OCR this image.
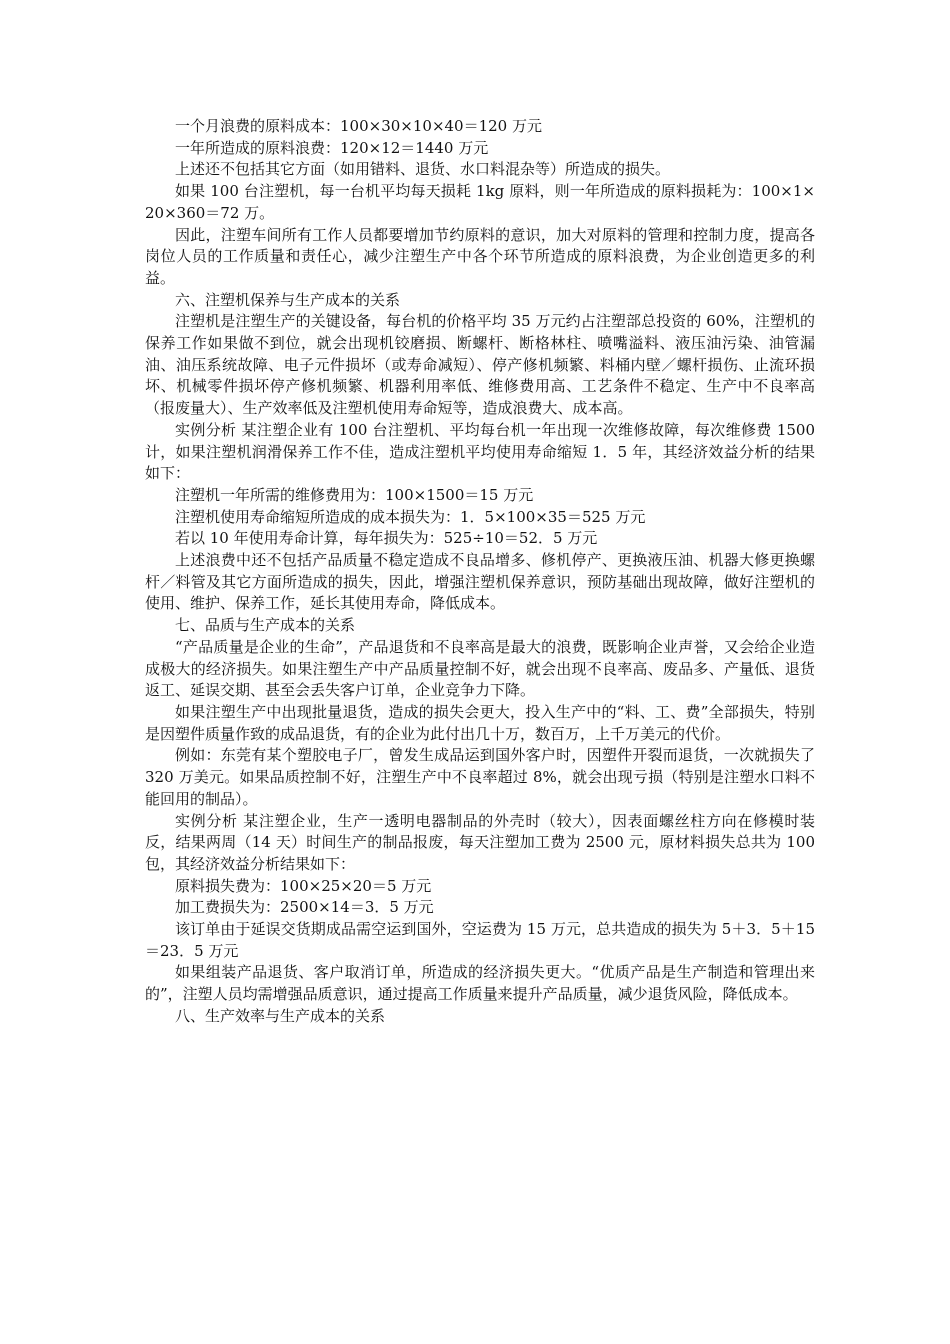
一个月浪费的原料成本：100×30×10×40＝120 万元

一年所造成的原料浪费：120×12＝1440 万元

上述还不包括其它方面（如用错料、退货、水口料混杂等）所造成的损失。

如果 100 台注塑机，每一台机平均每天损耗 1kg 原料，则一年所造成的原料损耗为：100×1×20×360＝72 万。

因此，注塑车间所有工作人员都要增加节约原料的意识，加大对原料的管理和控制力度，提高各岗位人员的工作质量和责任心，减少注塑生产中各个环节所造成的原料浪费，为企业创造更多的利益。

六、注塑机保养与生产成本的关系

注塑机是注塑生产的关键设备，每台机的价格平均 35 万元约占注塑部总投资的 60%，注塑机的保养工作如果做不到位，就会出现机铰磨损、断螺杆、断格林柱、喷嘴溢料、液压油污染、油管漏油、油压系统故障、电子元件损坏（或寿命减短）、停产修机频繁、料桶内壁／螺杆损伤、止流环损坏、机械零件损坏停产修机频繁、机器利用率低、维修费用高、工艺条件不稳定、生产中不良率高（报废量大）、生产效率低及注塑机使用寿命短等，造成浪费大、成本高。

实例分析 某注塑企业有 100 台注塑机、平均每台机一年出现一次维修故障，每次维修费 1500 计，如果注塑机润滑保养工作不佳，造成注塑机平均使用寿命缩短 1．5 年，其经济效益分析的结果如下：

注塑机一年所需的维修费用为：100×1500＝15 万元

注塑机使用寿命缩短所造成的成本损失为：1．5×100×35＝525 万元

若以 10 年使用寿命计算，每年损失为：525÷10＝52．5 万元

上述浪费中还不包括产品质量不稳定造成不良品增多、修机停产、更换液压油、机器大修更换螺杆／料管及其它方面所造成的损失，因此，增强注塑机保养意识，预防基础出现故障，做好注塑机的使用、维护、保养工作，延长其使用寿命，降低成本。

七、品质与生产成本的关系

“产品质量是企业的生命”，产品退货和不良率高是最大的浪费，既影响企业声誉，又会给企业造成极大的经济损失。如果注塑生产中产品质量控制不好，就会出现不良率高、废品多、产量低、退货返工、延误交期、甚至会丢失客户订单，企业竞争力下降。

如果注塑生产中出现批量退货，造成的损失会更大，投入生产中的“料、工、费”全部损失，特别是因塑件质量作致的成品退货，有的企业为此付出几十万，数百万，上千万美元的代价。

例如：东莞有某个塑胶电子厂，曾发生成品运到国外客户时，因塑件开裂而退货，一次就损失了 320 万美元。如果品质控制不好，注塑生产中不良率超过 8%，就会出现亏损（特别是注塑水口料不能回用的制品）。

实例分析 某注塑企业，生产一透明电器制品的外壳时（较大），因表面螺丝柱方向在修模时装反，结果两周（14 天）时间生产的制品报废，每天注塑加工费为 2500 元，原材料损失总共为 100 包，其经济效益分析结果如下：

原料损失费为：100×25×20＝5 万元

加工费损失为：2500×14＝3．5 万元

该订单由于延误交货期成品需空运到国外，空运费为 15 万元，总共造成的损失为 5＋3．5＋15＝23．5 万元

如果组装产品退货、客户取消订单，所造成的经济损失更大。“优质产品是生产制造和管理出来的”，注塑人员均需增强品质意识，通过提高工作质量来提升产品质量，减少退货风险，降低成本。

八、生产效率与生产成本的关系
